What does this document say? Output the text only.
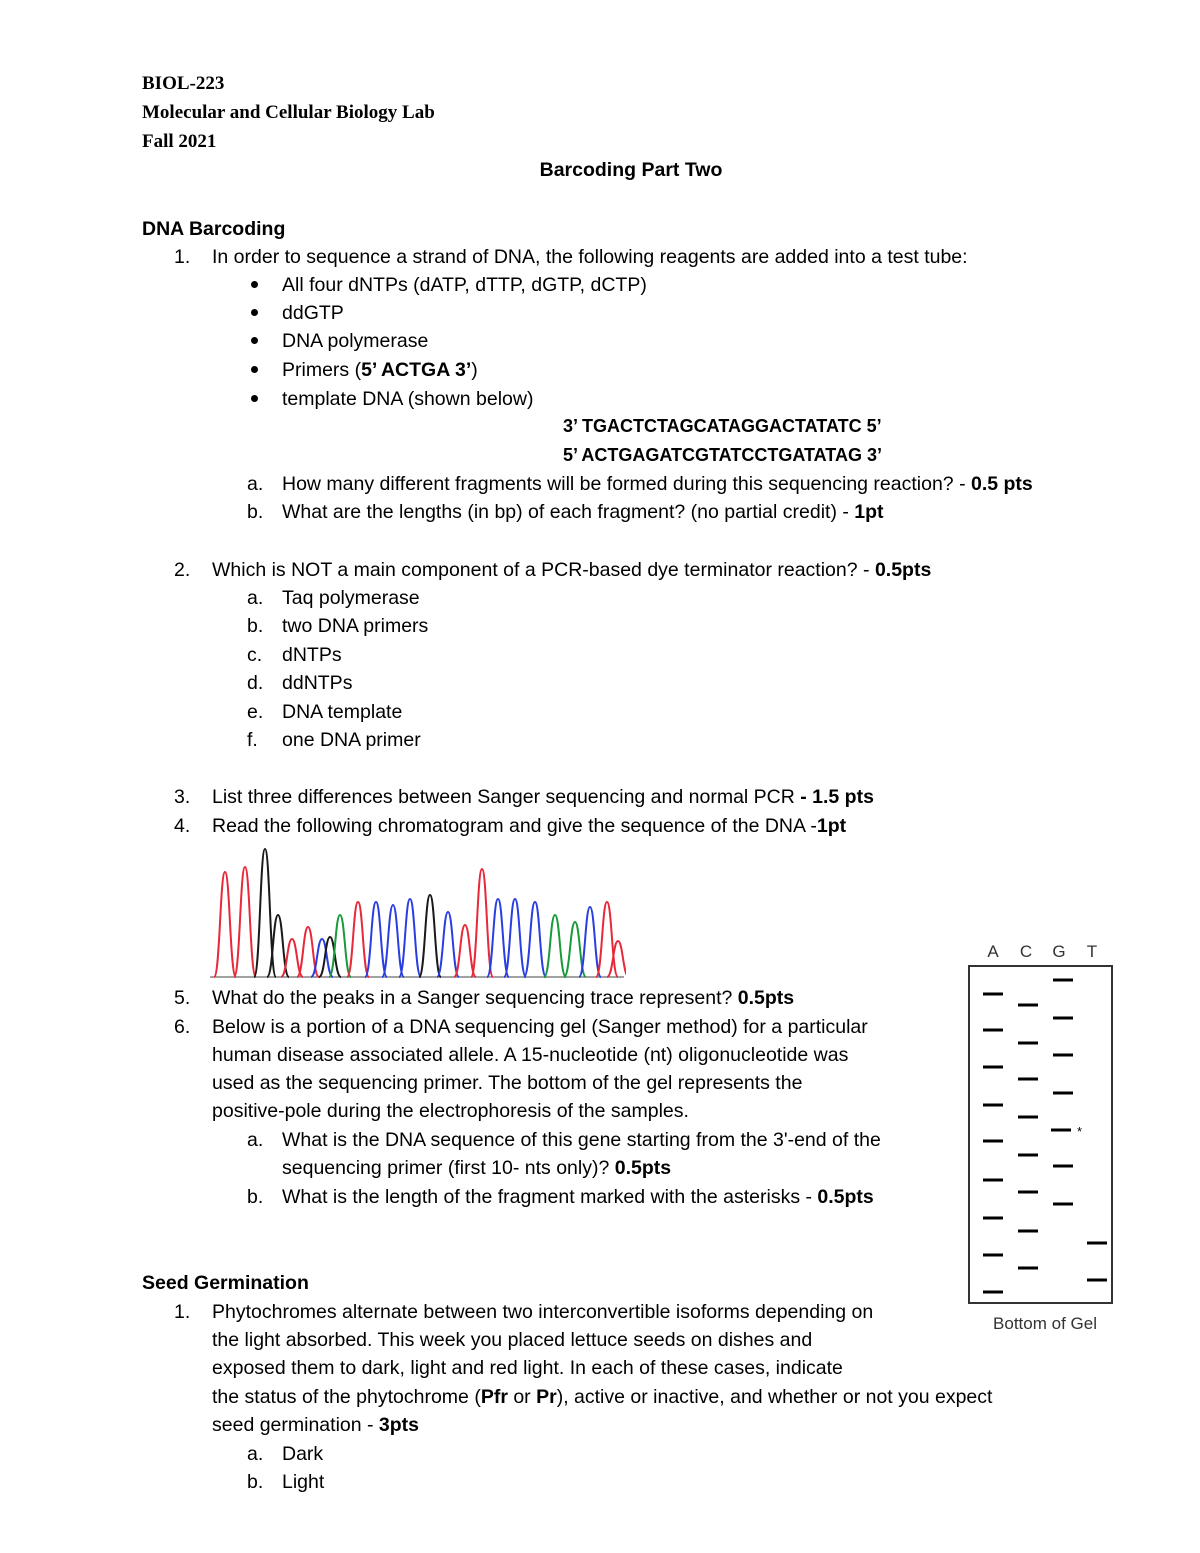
BIOL-223
Molecular and Cellular Biology Lab
Fall 2021
Barcoding Part Two
DNA Barcoding
1. In order to sequence a strand of DNA, the following reagents are added into a test tube:
All four dNTPs (dATP, dTTP, dGTP, dCTP)
ddGTP
DNA polymerase
Primers (5’ ACTGA 3’)
template DNA (shown below)
3’ TGACTCTAGCATAGGACTATATC 5’
5’ ACTGAGATCGTATCCTGATATAG 3’
a. How many different fragments will be formed during this sequencing reaction? - 0.5 pts
b. What are the lengths (in bp) of each fragment? (no partial credit) - 1pt
2. Which is NOT a main component of a PCR-based dye terminator reaction? - 0.5pts
a. Taq polymerase
b. two DNA primers
c. dNTPs
d. ddNTPs
e. DNA template
f. one DNA primer
3. List three differences between Sanger sequencing and normal PCR - 1.5 pts
4. Read the following chromatogram and give the sequence of the DNA -1pt
5. What do the peaks in a Sanger sequencing trace represent? 0.5pts
6. Below is a portion of a DNA sequencing gel (Sanger method) for a particular
human disease associated allele. A 15-nucleotide (nt) oligonucleotide was
used as the sequencing primer. The bottom of the gel represents the
positive-pole during the electrophoresis of the samples.
a. What is the DNA sequence of this gene starting from the 3'-end of the
sequencing primer (first 10- nts only)? 0.5pts
b. What is the length of the fragment marked with the asterisks - 0.5pts
A C G T
*
Bottom of Gel
Seed Germination
1. Phytochromes alternate between two interconvertible isoforms depending on
the light absorbed. This week you placed lettuce seeds on dishes and
exposed them to dark, light and red light. In each of these cases, indicate
the status of the phytochrome (Pfr or Pr), active or inactive, and whether or not you expect
seed germination - 3pts
a. Dark
b. Light
